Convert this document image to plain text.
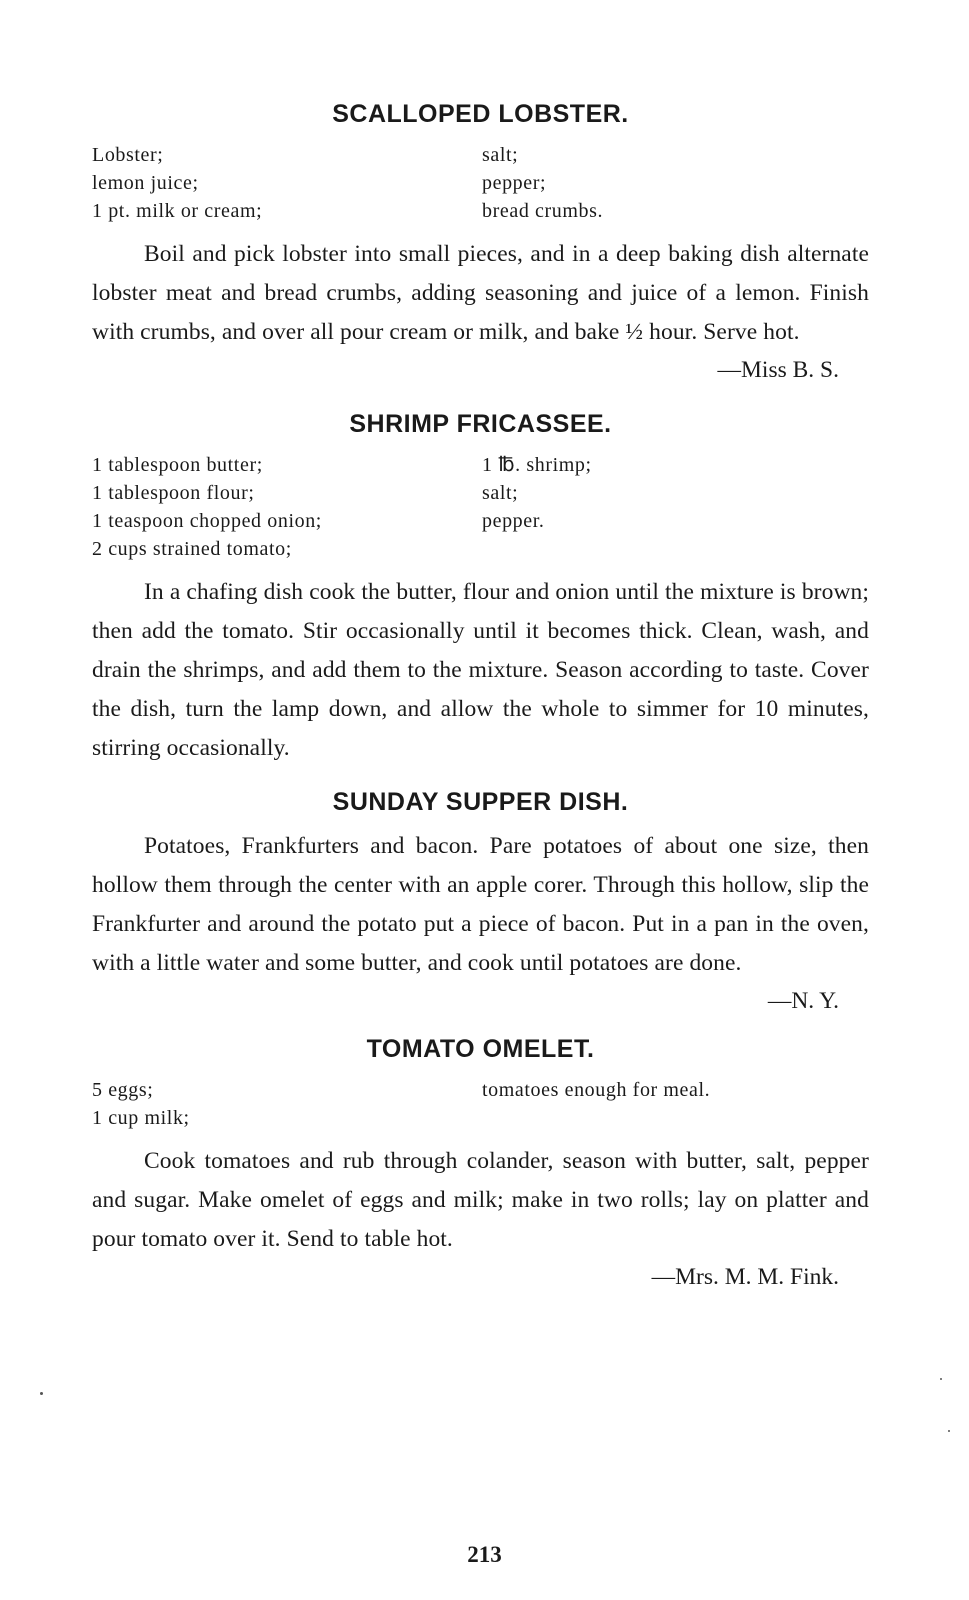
SCALLOPED LOBSTER.
Lobster;
lemon juice;
1 pt. milk or cream;
salt;
pepper;
bread crumbs.

Boil and pick lobster into small pieces, and in a deep baking dish alternate lobster meat and bread crumbs, adding seasoning and juice of a lemon. Finish with crumbs, and over all pour cream or milk, and bake ½ hour. Serve hot.

—Miss B. S.

SHRIMP FRICASSEE.
1 tablespoon butter;
1 tablespoon flour;
1 teaspoon chopped onion;
2 cups strained tomato;
1 ℔. shrimp;
salt;
pepper.

In a chafing dish cook the butter, flour and onion until the mixture is brown; then add the tomato. Stir occasionally until it becomes thick. Clean, wash, and drain the shrimps, and add them to the mixture. Season according to taste. Cover the dish, turn the lamp down, and allow the whole to simmer for 10 minutes, stirring occasionally.

SUNDAY SUPPER DISH.

Potatoes, Frankfurters and bacon. Pare potatoes of about one size, then hollow them through the center with an apple corer. Through this hollow, slip the Frankfurter and around the potato put a piece of bacon. Put in a pan in the oven, with a little water and some butter, and cook until potatoes are done.

—N. Y.

TOMATO OMELET.
5 eggs;
1 cup milk;
tomatoes enough for meal.

Cook tomatoes and rub through colander, season with butter, salt, pepper and sugar. Make omelet of eggs and milk; make in two rolls; lay on platter and pour tomato over it. Send to table hot.

—Mrs. M. M. Fink.

213
